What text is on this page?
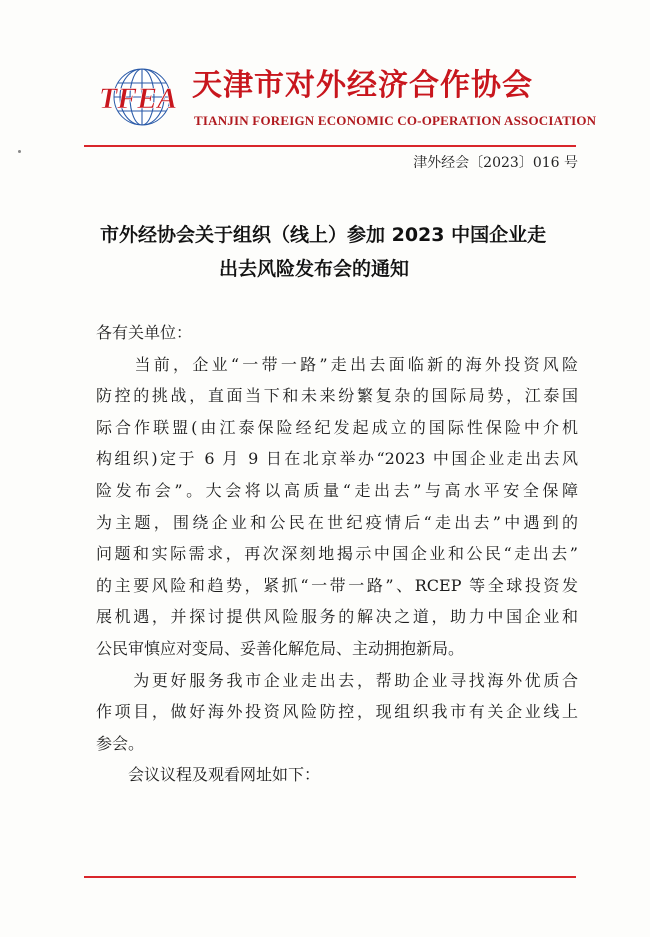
TFEA 天津市对外经济合作协会
TIANJIN FOREIGN ECONOMIC CO-OPERATION ASSOCIATION
津外经会〔2023〕016 号
市外经协会关于组织（线上）参加 2023 中国企业走
出去风险发布会的通知
各有关单位：
　　当前，企业“一带一路”走出去面临新的海外投资风险
防控的挑战，直面当下和未来纷繁复杂的国际局势，江泰国
际合作联盟(由江泰保险经纪发起成立的国际性保险中介机
构组织)定于 6 月 9 日在北京举办“2023 中国企业走出去风
险发布会”。大会将以高质量“走出去”与高水平安全保障
为主题，围绕企业和公民在世纪疫情后“走出去”中遇到的
问题和实际需求，再次深刻地揭示中国企业和公民“走出去”
的主要风险和趋势，紧抓“一带一路”、RCEP 等全球投资发
展机遇，并探讨提供风险服务的解决之道，助力中国企业和
公民审慎应对变局、妥善化解危局、主动拥抱新局。
　　为更好服务我市企业走出去，帮助企业寻找海外优质合
作项目，做好海外投资风险防控，现组织我市有关企业线上
参会。
　　会议议程及观看网址如下：
